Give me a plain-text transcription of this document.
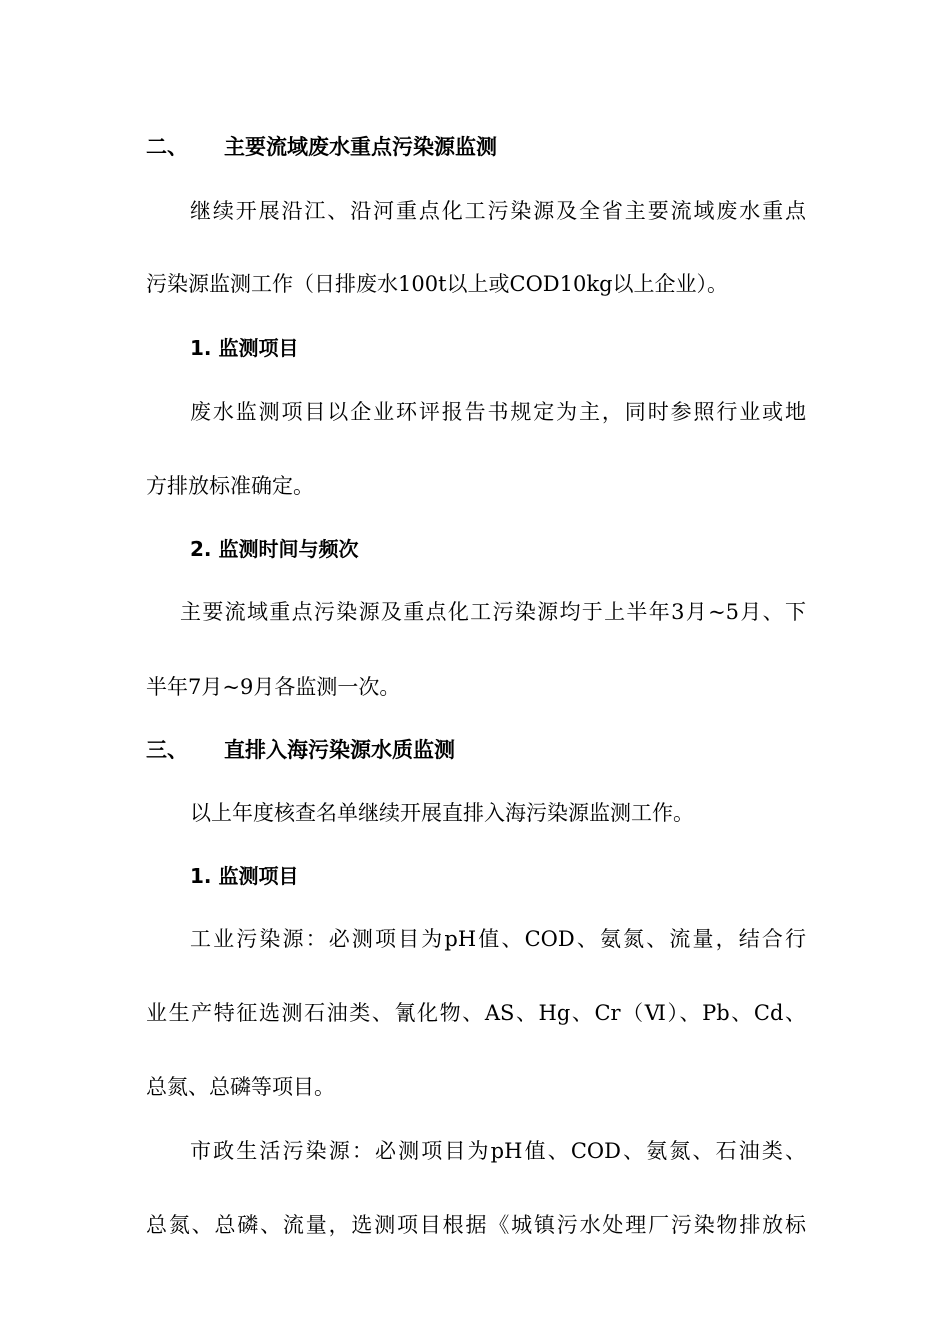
二、 主要流域废水重点污染源监测
继续开展沿江、沿河重点化工污染源及全省主要流域废水重点
污染源监测工作（日排废水100t以上或COD10kg以上企业）。
1. 监测项目
废水监测项目以企业环评报告书规定为主，同时参照行业或地
方排放标准确定。
2. 监测时间与频次
主要流域重点污染源及重点化工污染源均于上半年3月~5月、下
半年7月~9月各监测一次。
三、 直排入海污染源水质监测
以上年度核查名单继续开展直排入海污染源监测工作。
1. 监测项目
工业污染源：必测项目为pH值、COD、氨氮、流量，结合行
业生产特征选测石油类、氰化物、AS、Hg、Cr（Ⅵ）、Pb、Cd、
总氮、总磷等项目。
市政生活污染源：必测项目为pH值、COD、氨氮、石油类、
总氮、总磷、流量，选测项目根据《城镇污水处理厂污染物排放标
